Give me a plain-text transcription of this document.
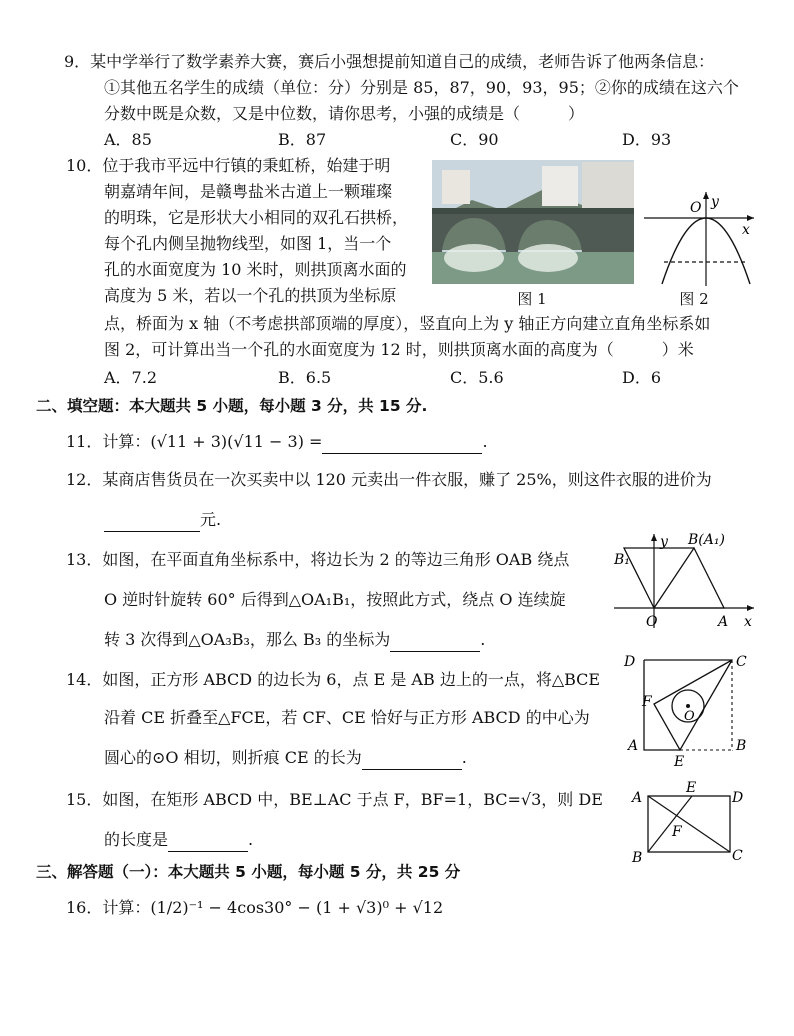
9．某中学举行了数学素养大赛，赛后小强想提前知道自己的成绩，老师告诉了他两条信息：
①其他五名学生的成绩（单位：分）分别是 85，87，90，93，95；②你的成绩在这六个
分数中既是众数，又是中位数，请你思考，小强的成绩是（　　　）
A．85	B．87	C．90	D．93
10．位于我市平远中行镇的秉虹桥，始建于明
朝嘉靖年间，是赣粤盐米古道上一颗璀璨
的明珠，它是形状大小相同的双孔石拱桥，
每个孔内侧呈抛物线型，如图 1，当一个
孔的水面宽度为 10 米时，则拱顶离水面的
高度为 5 米，若以一个孔的拱顶为坐标原
点，桥面为 x 轴（不考虑拱部顶端的厚度），竖直向上为 y 轴正方向建立直角坐标系如
图 2，可计算出当一个孔的水面宽度为 12 时，则拱顶离水面的高度为（　　　）米
A．7.2	B．6.5	C．5.6	D．6
图 1
O y
x
图 2
二、填空题：本大题共 5 小题，每小题 3 分，共 15 分.
11．计算：(√11 + 3)(√11 − 3) =	.
12．某商店售货员在一次买卖中以 120 元卖出一件衣服，赚了 25%，则这件衣服的进价为
元.
13．如图，在平面直角坐标系中，将边长为 2 的等边三角形 OAB 绕点
O 逆时针旋转 60° 后得到△OA₁B₁，按照此方式，绕点 O 连续旋
转 3 次得到△OA₃B₃，那么 B₃ 的坐标为	.
y
x
O	A
B(A₁)
B₁
14．如图，正方形 ABCD 的边长为 6，点 E 是 AB 边上的一点，将△BCE
沿着 CE 折叠至△FCE，若 CF、CE 恰好与正方形 ABCD 的中心为
圆心的⊙O 相切，则折痕 CE 的长为	.
D	C
A	B
E
F
O
15．如图，在矩形 ABCD 中，BE⊥AC 于点 F，BF=1，BC=√3，则 DE
的长度是	.
A	D
B	C
E
F
三、解答题（一）：本大题共 5 小题，每小题 5 分，共 25 分
16．计算：(1/2)⁻¹ − 4cos30° − (1 + √3)⁰ + √12
